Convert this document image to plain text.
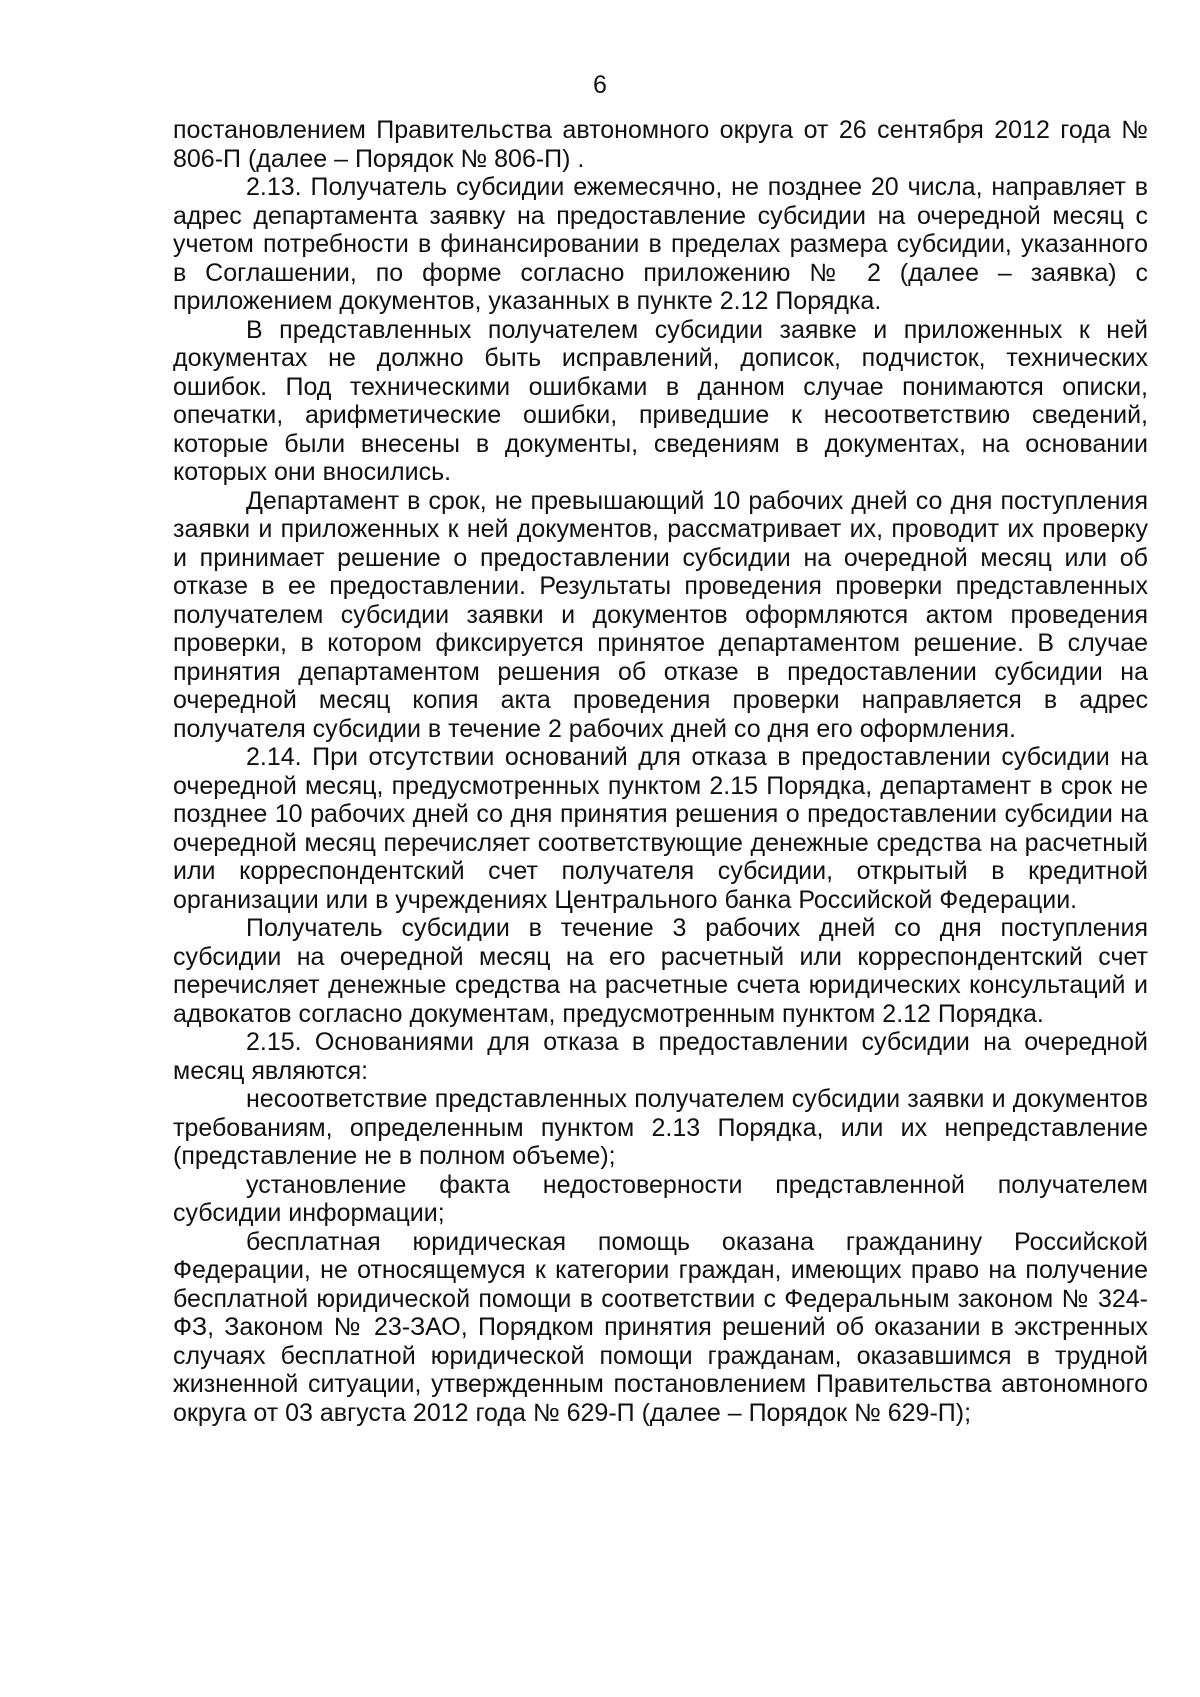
6

постановлением Правительства автономного округа от 26 сентября 2012 года № 806-П (далее – Порядок № 806-П) .

2.13. Получатель субсидии ежемесячно, не позднее 20 числа, направляет в адрес департамента заявку на предоставление субсидии на очередной месяц с учетом потребности в финансировании в пределах размера субсидии, указанного в Соглашении, по форме согласно приложению № 2 (далее – заявка) с приложением документов, указанных в пункте 2.12 Порядка.

В представленных получателем субсидии заявке и приложенных к ней документах не должно быть исправлений, дописок, подчисток, технических ошибок. Под техническими ошибками в данном случае понимаются описки, опечатки, арифметические ошибки, приведшие к несоответствию сведений, которые были внесены в документы, сведениям в документах, на основании которых они вносились.

Департамент в срок, не превышающий 10 рабочих дней со дня поступления заявки и приложенных к ней документов, рассматривает их, проводит их проверку и принимает решение о предоставлении субсидии на очередной месяц или об отказе в ее предоставлении. Результаты проведения проверки представленных получателем субсидии заявки и документов оформляются актом проведения проверки, в котором фиксируется принятое департаментом решение. В случае принятия департаментом решения об отказе в предоставлении субсидии на очередной месяц копия акта проведения проверки направляется в адрес получателя субсидии в течение 2 рабочих дней со дня его оформления.

2.14. При отсутствии оснований для отказа в предоставлении субсидии на очередной месяц, предусмотренных пунктом 2.15 Порядка, департамент в срок не позднее 10 рабочих дней со дня принятия решения о предоставлении субсидии на очередной месяц перечисляет соответствующие денежные средства на расчетный или корреспондентский счет получателя субсидии, открытый в кредитной организации или в учреждениях Центрального банка Российской Федерации.

Получатель субсидии в течение 3 рабочих дней со дня поступления субсидии на очередной месяц на его расчетный или корреспондентский счет перечисляет денежные средства на расчетные счета юридических консультаций и адвокатов согласно документам, предусмотренным пунктом 2.12 Порядка.

2.15. Основаниями для отказа в предоставлении субсидии на очередной месяц являются:

несоответствие представленных получателем субсидии заявки и документов требованиям, определенным пунктом 2.13 Порядка, или их непредставление (представление не в полном объеме);

установление факта недостоверности представленной получателем субсидии информации;

бесплатная юридическая помощь оказана гражданину Российской Федерации, не относящемуся к категории граждан, имеющих право на получение бесплатной юридической помощи в соответствии с Федеральным законом № 324-ФЗ, Законом № 23-ЗАО, Порядком принятия решений об оказании в экстренных случаях бесплатной юридической помощи гражданам, оказавшимся в трудной жизненной ситуации, утвержденным постановлением Правительства автономного округа от 03 августа 2012 года № 629-П (далее – Порядок № 629-П);
